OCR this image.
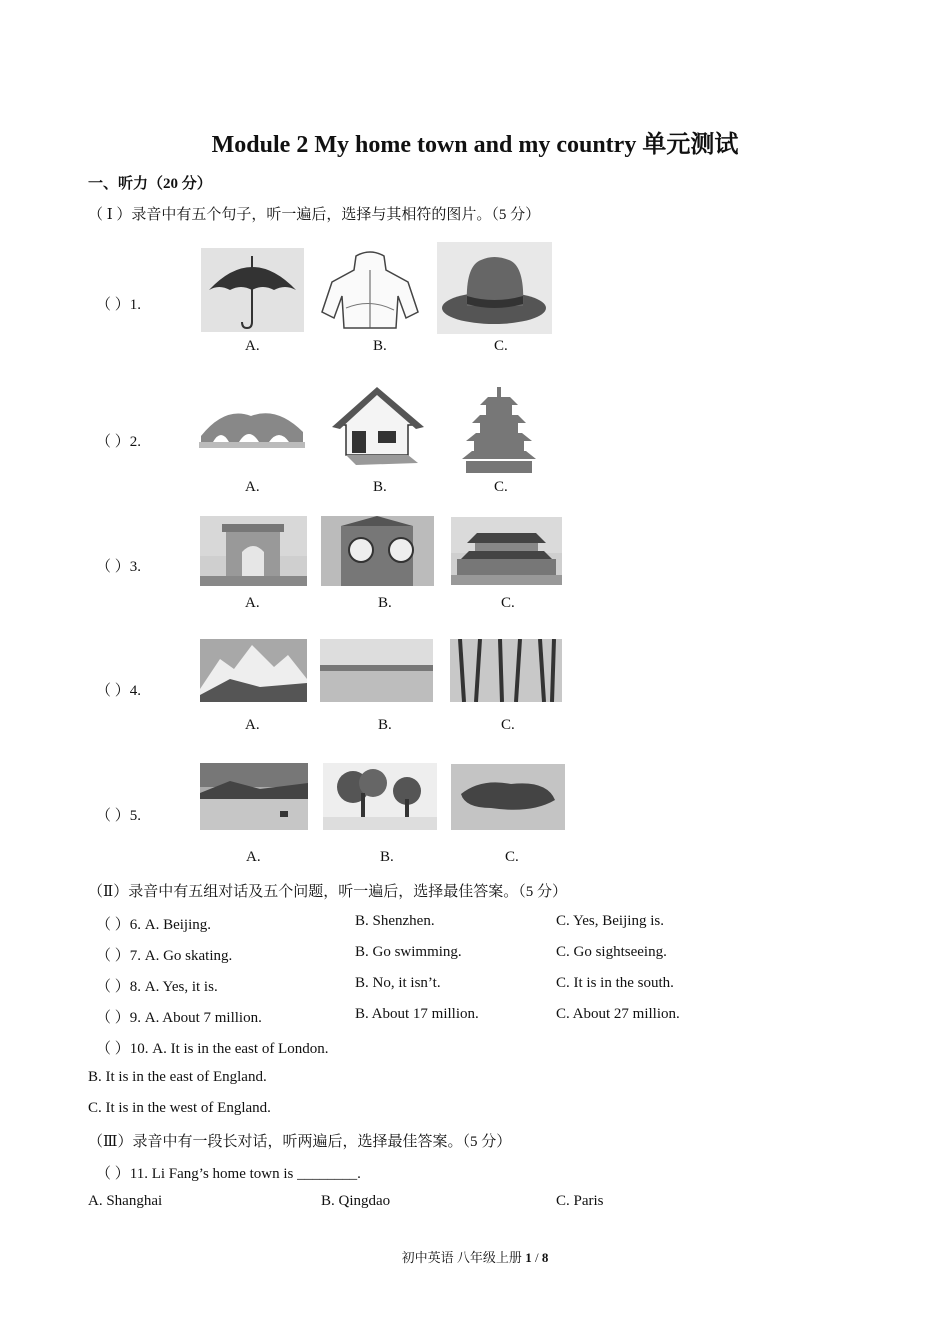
Module 2 My home town and my country 单元测试
一、听力（20 分）
（ Ⅰ ）录音中有五个句子，听一遍后，选择与其相符的图片。（5 分）
（ ）1.
A.	B.	C.
（ ）2.
A.	B.	C.
（ ）3.
A.	B.	C.
（ ）4.
A.	B.	C.
（ ）5.
A.	B.	C.
（Ⅱ）录音中有五组对话及五个问题，听一遍后，选择最佳答案。（5 分）
（ ）6. A. Beijing.	B. Shenzhen.	C. Yes, Beijing is.
（ ）7. A. Go skating.	B. Go swimming.	C. Go sightseeing.
（ ）8. A. Yes, it is.	B. No, it isn’t.	C. It is in the south.
（ ）9. A. About 7 million.	B. About 17 million.	C. About 27 million.
（ ）10. A. It is in the east of London.
B. It is in the east of England.
C. It is in the west of England.
（Ⅲ）录音中有一段长对话，听两遍后，选择最佳答案。（5 分）
（ ）11. Li Fang’s home town is ________.
A. Shanghai	B. Qingdao	C. Paris
初中英语 八年级上册 1 / 8
